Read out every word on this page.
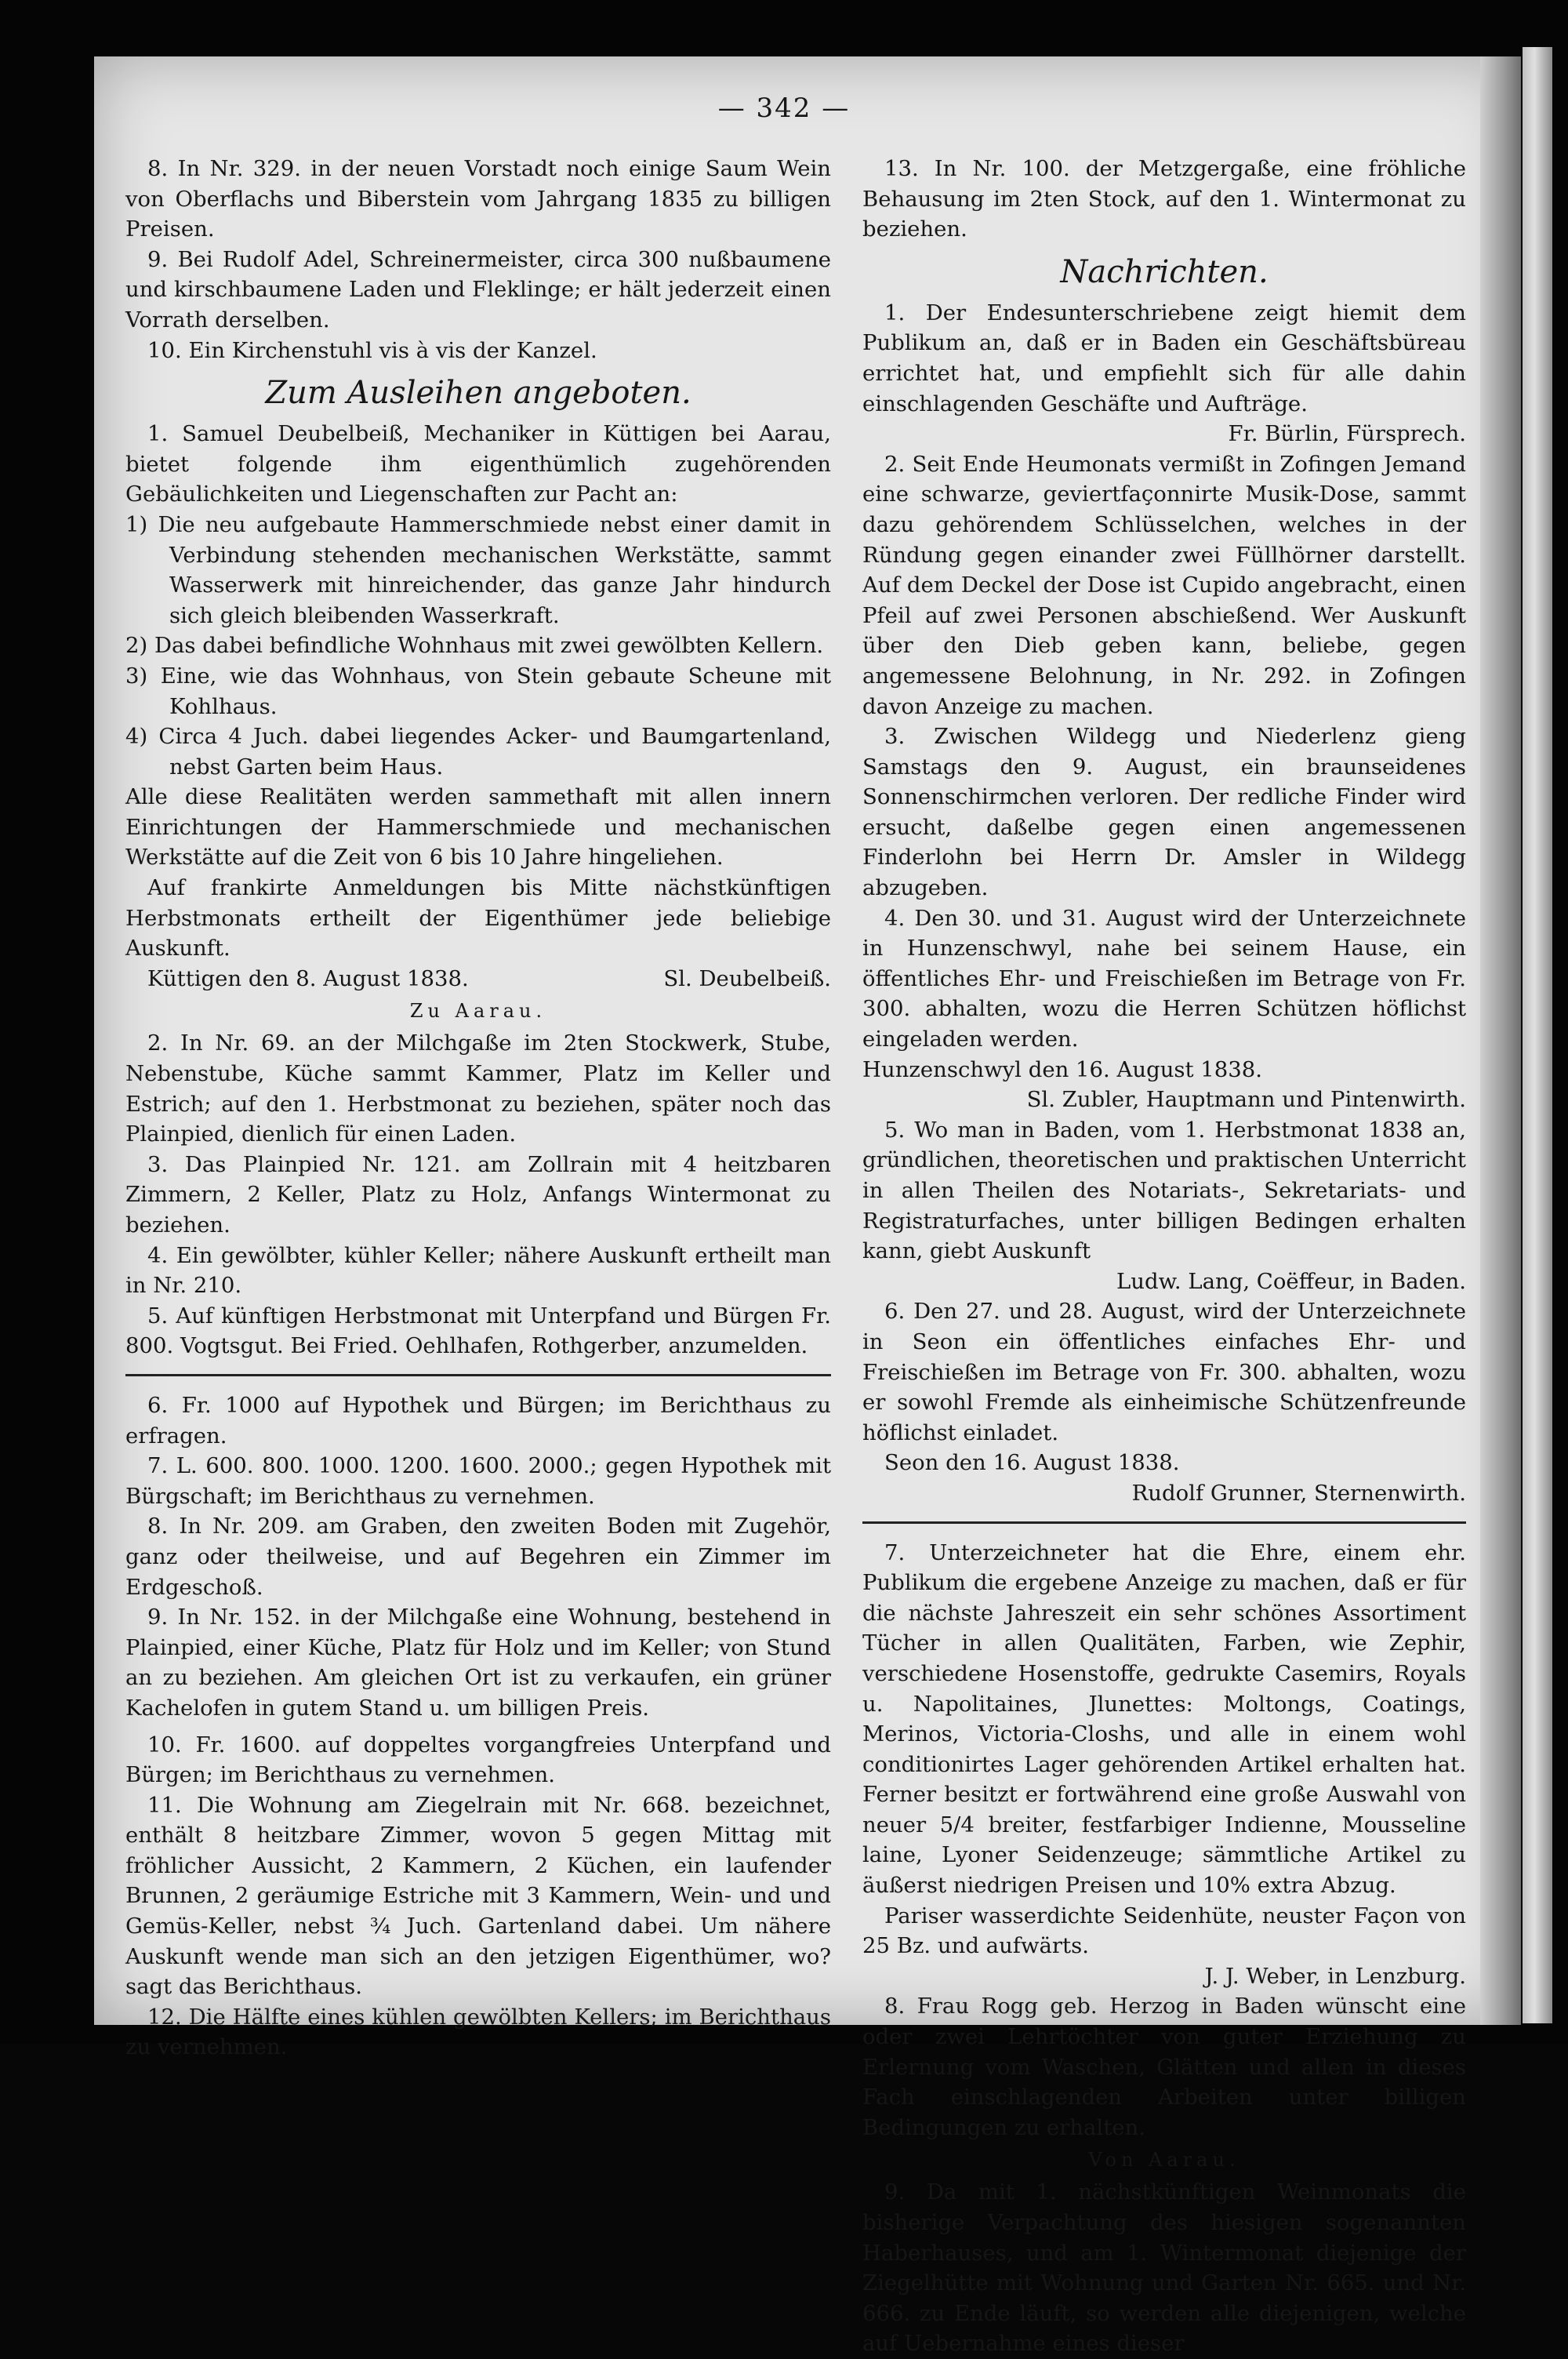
— 342 —

8. In Nr. 329. in der neuen Vorstadt noch einige Saum Wein von Oberflachs und Biberstein vom Jahrgang 1835 zu billigen Preisen.

9. Bei Rudolf Adel, Schreinermeister, circa 300 nußbaumene und kirschbaumene Laden und Fleklinge; er hält jederzeit einen Vorrath derselben.

10. Ein Kirchenstuhl vis à vis der Kanzel.

Zum Ausleihen angeboten.

1. Samuel Deubelbeiß, Mechaniker in Küttigen bei Aarau, bietet folgende ihm eigenthümlich zugehörenden Gebäulichkeiten und Liegenschaften zur Pacht an:

1) Die neu aufgebaute Hammerschmiede nebst einer damit in Verbindung stehenden mechanischen Werkstätte, sammt Wasserwerk mit hinreichender, das ganze Jahr hindurch sich gleich bleibenden Wasserkraft.

2) Das dabei befindliche Wohnhaus mit zwei gewölbten Kellern.

3) Eine, wie das Wohnhaus, von Stein gebaute Scheune mit Kohlhaus.

4) Circa 4 Juch. dabei liegendes Acker- und Baumgartenland, nebst Garten beim Haus.

Alle diese Realitäten werden sammethaft mit allen innern Einrichtungen der Hammerschmiede und mechanischen Werkstätte auf die Zeit von 6 bis 10 Jahre hingeliehen.

Auf frankirte Anmeldungen bis Mitte nächstkünftigen Herbstmonats ertheilt der Eigenthümer jede beliebige Auskunft.

Küttigen den 8. August 1838.	Sl. Deubelbeiß.
Zu Aarau.

2. In Nr. 69. an der Milchgaße im 2ten Stockwerk, Stube, Nebenstube, Küche sammt Kammer, Platz im Keller und Estrich; auf den 1. Herbstmonat zu beziehen, später noch das Plainpied, dienlich für einen Laden.

3. Das Plainpied Nr. 121. am Zollrain mit 4 heitzbaren Zimmern, 2 Keller, Platz zu Holz, Anfangs Wintermonat zu beziehen.

4. Ein gewölbter, kühler Keller; nähere Auskunft ertheilt man in Nr. 210.

5. Auf künftigen Herbstmonat mit Unterpfand und Bürgen Fr. 800. Vogtsgut. Bei Fried. Oehlhafen, Rothgerber, anzumelden.

6. Fr. 1000 auf Hypothek und Bürgen; im Berichthaus zu erfragen.

7. L. 600. 800. 1000. 1200. 1600. 2000.; gegen Hypothek mit Bürgschaft; im Berichthaus zu vernehmen.

8. In Nr. 209. am Graben, den zweiten Boden mit Zugehör, ganz oder theilweise, und auf Begehren ein Zimmer im Erdgeschoß.

9. In Nr. 152. in der Milchgaße eine Wohnung, bestehend in Plainpied, einer Küche, Platz für Holz und im Keller; von Stund an zu beziehen. Am gleichen Ort ist zu verkaufen, ein grüner Kachelofen in gutem Stand u. um billigen Preis.

10. Fr. 1600. auf doppeltes vorgangfreies Unterpfand und Bürgen; im Berichthaus zu vernehmen.

11. Die Wohnung am Ziegelrain mit Nr. 668. bezeichnet, enthält 8 heitzbare Zimmer, wovon 5 gegen Mittag mit fröhlicher Aussicht, 2 Kammern, 2 Küchen, ein laufender Brunnen, 2 geräumige Estriche mit 3 Kammern, Wein- und und Gemüs-Keller, nebst ¾ Juch. Gartenland dabei. Um nähere Auskunft wende man sich an den jetzigen Eigenthümer, wo? sagt das Berichthaus.

12. Die Hälfte eines kühlen gewölbten Kellers; im Berichthaus zu vernehmen.

13. In Nr. 100. der Metzgergaße, eine fröhliche Behausung im 2ten Stock, auf den 1. Wintermonat zu beziehen.

Nachrichten.

1. Der Endesunterschriebene zeigt hiemit dem Publikum an, daß er in Baden ein Geschäftsbüreau errichtet hat, und empfiehlt sich für alle dahin einschlagenden Geschäfte und Aufträge.

Fr. Bürlin, Fürsprech.

2. Seit Ende Heumonats vermißt in Zofingen Jemand eine schwarze, geviertfaçonnirte Musik-Dose, sammt dazu gehörendem Schlüsselchen, welches in der Ründung gegen einander zwei Füllhörner darstellt. Auf dem Deckel der Dose ist Cupido angebracht, einen Pfeil auf zwei Personen abschießend. Wer Auskunft über den Dieb geben kann, beliebe, gegen angemessene Belohnung, in Nr. 292. in Zofingen davon Anzeige zu machen.

3. Zwischen Wildegg und Niederlenz gieng Samstags den 9. August, ein braunseidenes Sonnenschirmchen verloren. Der redliche Finder wird ersucht, daßelbe gegen einen angemessenen Finderlohn bei Herrn Dr. Amsler in Wildegg abzugeben.

4. Den 30. und 31. August wird der Unterzeichnete in Hunzenschwyl, nahe bei seinem Hause, ein öffentliches Ehr- und Freischießen im Betrage von Fr. 300. abhalten, wozu die Herren Schützen höflichst eingeladen werden.

Hunzenschwyl den 16. August 1838.

Sl. Zubler, Hauptmann und Pintenwirth.

5. Wo man in Baden, vom 1. Herbstmonat 1838 an, gründlichen, theoretischen und praktischen Unterricht in allen Theilen des Notariats-, Sekretariats- und Registraturfaches, unter billigen Bedingen erhalten kann, giebt Auskunft

Ludw. Lang, Coëffeur, in Baden.

6. Den 27. und 28. August, wird der Unterzeichnete in Seon ein öffentliches einfaches Ehr- und Freischießen im Betrage von Fr. 300. abhalten, wozu er sowohl Fremde als einheimische Schützenfreunde höflichst einladet.

Seon den 16. August 1838.

Rudolf Grunner, Sternenwirth.

7. Unterzeichneter hat die Ehre, einem ehr. Publikum die ergebene Anzeige zu machen, daß er für die nächste Jahreszeit ein sehr schönes Assortiment Tücher in allen Qualitäten, Farben, wie Zephir, verschiedene Hosenstoffe, gedrukte Casemirs, Royals u. Napolitaines, Jlunettes: Moltongs, Coatings, Merinos, Victoria-Closhs, und alle in einem wohl conditionirtes Lager gehörenden Artikel erhalten hat. Ferner besitzt er fortwährend eine große Auswahl von neuer 5/4 breiter, festfarbiger Indienne, Mousseline laine, Lyoner Seidenzeuge; sämmtliche Artikel zu äußerst niedrigen Preisen und 10% extra Abzug.

Pariser wasserdichte Seidenhüte, neuster Façon von 25 Bz. und aufwärts.

J. J. Weber, in Lenzburg.

8. Frau Rogg geb. Herzog in Baden wünscht eine oder zwei Lehrtöchter von guter Erziehung zu Erlernung vom Waschen, Glätten und allen in dieses Fach einschlagenden Arbeiten unter billigen Bedingungen zu erhalten.

Von Aarau.

9. Da mit 1. nächstkünftigen Weinmonats die bisherige Verpachtung des hiesigen sogenannten Haberhauses, und am 1. Wintermonat diejenige der Ziegelhütte mit Wohnung und Garten Nr. 665. und Nr. 666. zu Ende läuft, so werden alle diejenigen, welche auf Uebernahme eines dieser
